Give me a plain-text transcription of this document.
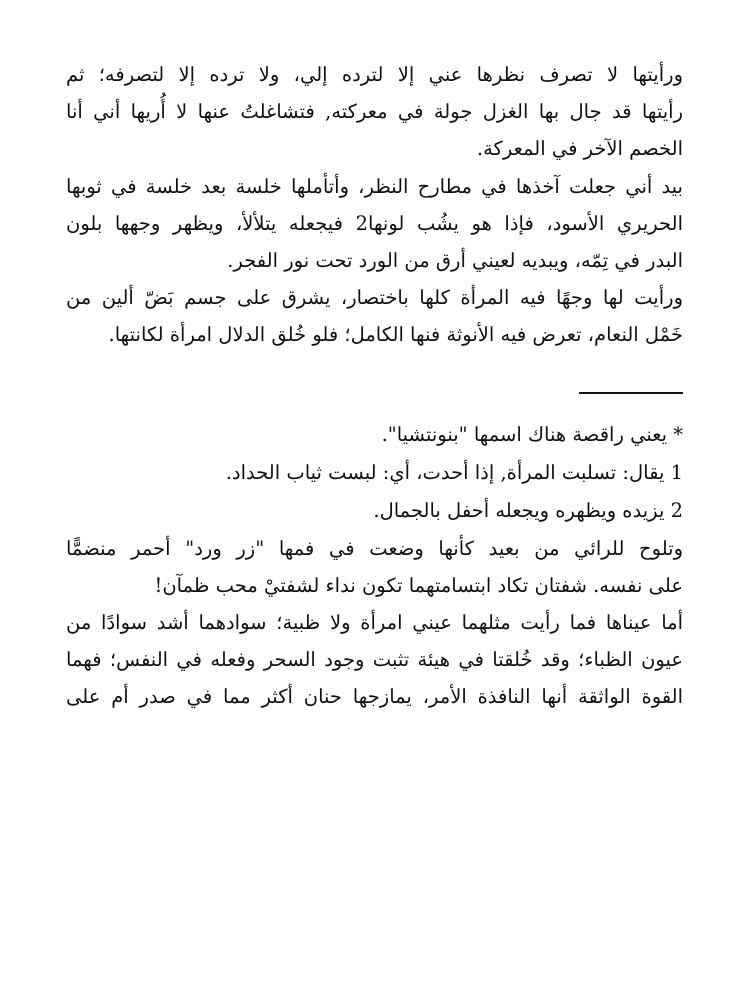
ورأيتها لا تصرف نظرها عني إلا لترده إلي، ولا ترده إلا لتصرفه؛ ثم
رأيتها قد جال بها الغزل جولة في معركته, فتشاغلتُ عنها لا أُريها أني أنا
الخصم الآخر في المعركة.
بيد أني جعلت آخذها في مطارح النظر، وأتأملها خلسة بعد خلسة في ثوبها
الحريري الأسود، فإذا هو يشُب لونها2 فيجعله يتلألأ، ويظهر وجهها بلون
البدر في تِمّه، ويبديه لعيني أرق من الورد تحت نور الفجر.
ورأيت لها وجهًا فيه المرأة كلها باختصار، يشرق على جسم بَضّ ألين من
خَمْل النعام، تعرض فيه الأنوثة فنها الكامل؛ فلو خُلق الدلال امرأة لكانتها.
* يعني راقصة هناك اسمها "بنونتشيا".
1 يقال: تسلبت المرأة, إذا أحدت، أي: لبست ثياب الحداد.
2 يزيده ويظهره ويجعله أحفل بالجمال.
وتلوح للرائي من بعيد كأنها وضعت في فمها "زر ورد" أحمر منضمًّا
على نفسه. شفتان تكاد ابتسامتهما تكون نداء لشفتيْ محب ظمآن!
أما عيناها فما رأيت مثلهما عيني امرأة ولا ظبية؛ سوادهما أشد سوادًا من
عيون الظباء؛ وقد خُلقتا في هيئة تثبت وجود السحر وفعله في النفس؛ فهما
القوة الواثقة أنها النافذة الأمر، يمازجها حنان أكثر مما في صدر أم على
